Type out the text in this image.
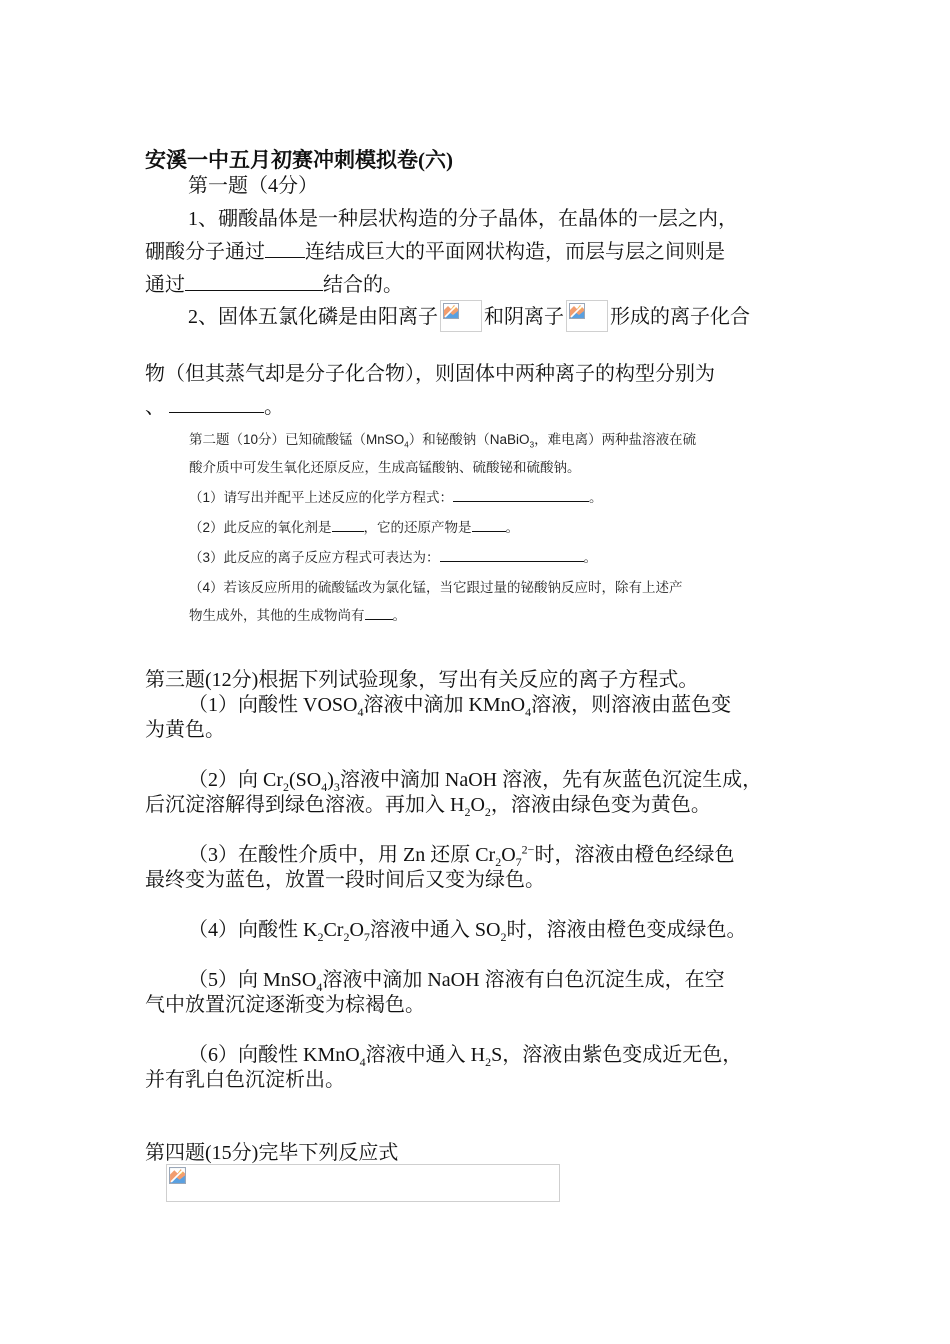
安溪一中五月初赛冲刺模拟卷(六)
第一题（4分）
1、硼酸晶体是一种层状构造的分子晶体，在晶体的一层之内，
硼酸分子通过 连结成巨大的平面网状构造，而层与层之间则是
通过	结合的。
2、固体五氯化磷是由阳离子 和阴离子 形成的离子化合
物（但其蒸气却是分子化合物），则固体中两种离子的构型分别为
、	。
第二题（10分）已知硫酸锰（MnSO$_4$）和铋酸钠（NaBiO$_3$，难电离）两种盐溶液在硫
酸介质中可发生氧化还原反应，生成高锰酸钠、硫酸铋和硫酸钠。
（1）请写出并配平上述反应的化学方程式：	。
（2）此反应的氧化剂是 ，它的还原产物是	。
（3）此反应的离子反应方程式可表达为：	。
（4）若该反应所用的硫酸锰改为氯化锰，当它跟过量的铋酸钠反应时，除有上述产
物生成外，其他的生成物尚有 。
第三题(12分)根据下列试验现象，写出有关反应的离子方程式。
（1）向酸性 $VOSO_4$溶液中滴加 KMnO$_4$溶液，则溶液由蓝色变
为黄色。
（2）向 $Cr_2(SO_4)_3$溶液中滴加 NaOH 溶液，先有灰蓝色沉淀生成，
后沉淀溶解得到绿色溶液。再加入 $H_2O_2$，溶液由绿色变为黄色。
（3）在酸性介质中，用 Zn 还原 $Cr_2O_7^{2-}$时，溶液由橙色经绿色
最终变为蓝色，放置一段时间后又变为绿色。
（4）向酸性 $K_2Cr_2O_7$溶液中通入 $SO_2$时，溶液由橙色变成绿色。
（5）向 MnSO$_4$溶液中滴加 NaOH 溶液有白色沉淀生成，在空
气中放置沉淀逐渐变为棕褐色。
（6）向酸性 KMnO$_4$溶液中通入 $H_2S$，溶液由紫色变成近无色，
并有乳白色沉淀析出。
第四题(15分)完毕下列反应式
